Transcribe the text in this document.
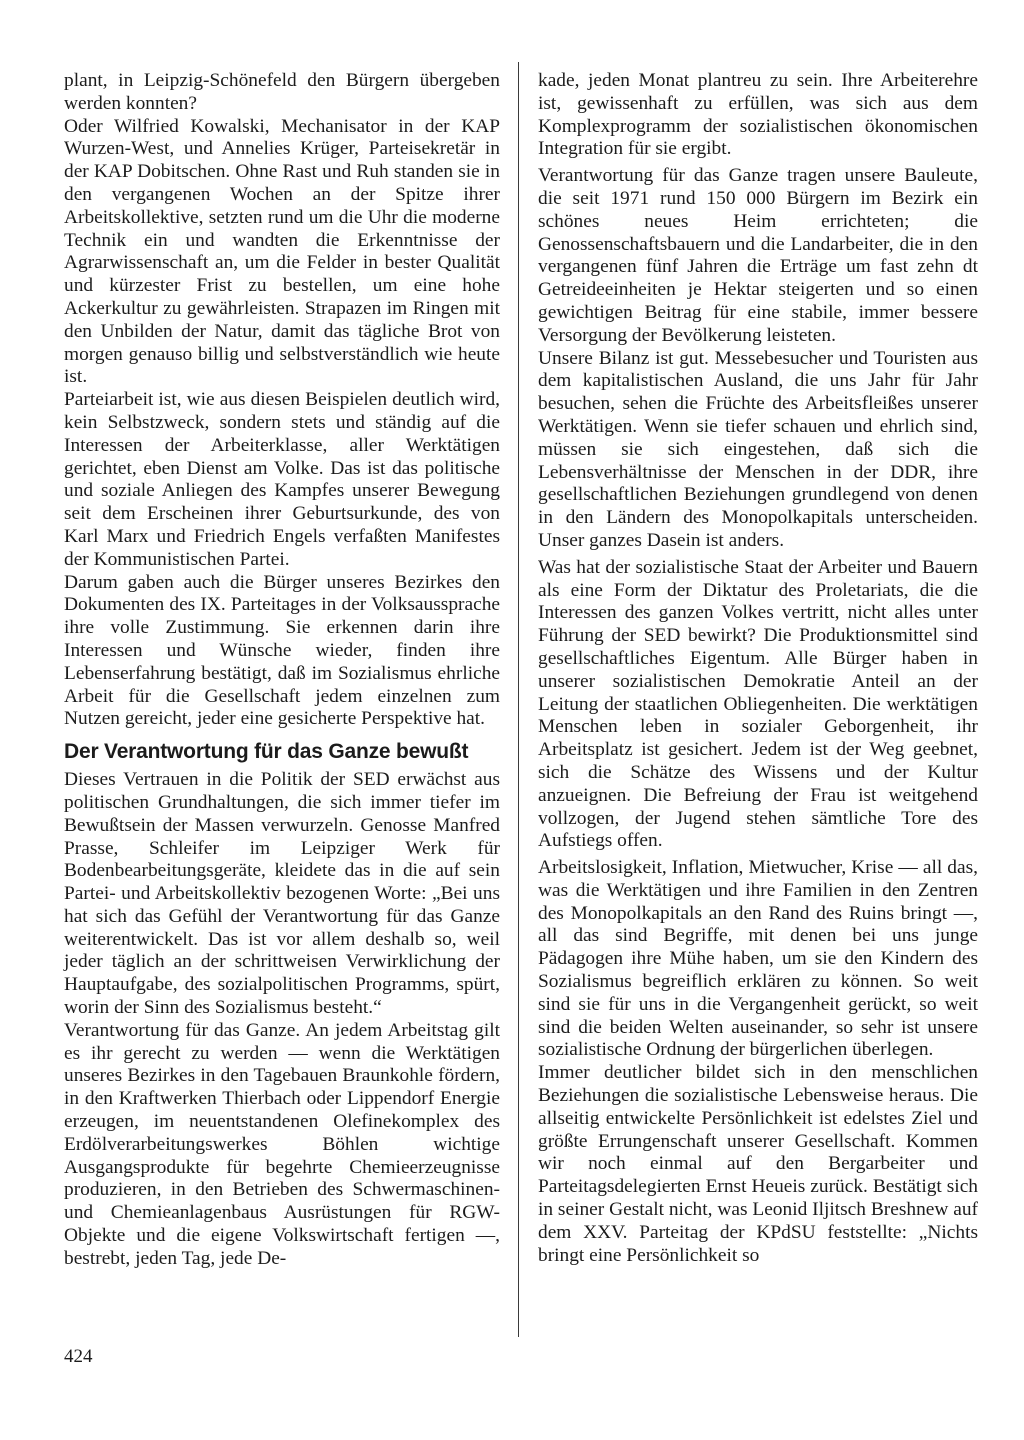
plant, in Leipzig-Schönefeld den Bürgern übergeben werden konnten?

Oder Wilfried Kowalski, Mechanisator in der KAP Wurzen-West, und Annelies Krüger, Parteisekretär in der KAP Dobitschen. Ohne Rast und Ruh standen sie in den vergangenen Wochen an der Spitze ihrer Arbeitskollektive, setzten rund um die Uhr die moderne Technik ein und wandten die Erkenntnisse der Agrarwissenschaft an, um die Felder in bester Qualität und kürzester Frist zu bestellen, um eine hohe Ackerkultur zu gewährleisten. Strapazen im Ringen mit den Unbilden der Natur, damit das tägliche Brot von morgen genauso billig und selbstverständlich wie heute ist.

Parteiarbeit ist, wie aus diesen Beispielen deutlich wird, kein Selbstzweck, sondern stets und ständig auf die Interessen der Arbeiterklasse, aller Werktätigen gerichtet, eben Dienst am Volke. Das ist das politische und soziale Anliegen des Kampfes unserer Bewegung seit dem Erscheinen ihrer Geburtsurkunde, des von Karl Marx und Friedrich Engels verfaßten Manifestes der Kommunistischen Partei.

Darum gaben auch die Bürger unseres Bezirkes den Dokumenten des IX. Parteitages in der Volksaussprache ihre volle Zustimmung. Sie erkennen darin ihre Interessen und Wünsche wieder, finden ihre Lebenserfahrung bestätigt, daß im Sozialismus ehrliche Arbeit für die Gesellschaft jedem einzelnen zum Nutzen gereicht, jeder eine gesicherte Perspektive hat.

Der Verantwortung für das Ganze bewußt

Dieses Vertrauen in die Politik der SED erwächst aus politischen Grundhaltungen, die sich immer tiefer im Bewußtsein der Massen verwurzeln. Genosse Manfred Prasse, Schleifer im Leipziger Werk für Bodenbearbeitungsgeräte, kleidete das in die auf sein Partei- und Arbeitskollektiv bezogenen Worte: „Bei uns hat sich das Gefühl der Verantwortung für das Ganze weiterentwickelt. Das ist vor allem deshalb so, weil jeder täglich an der schrittweisen Verwirklichung der Hauptaufgabe, des sozialpolitischen Programms, spürt, worin der Sinn des Sozialismus besteht.“

Verantwortung für das Ganze. An jedem Arbeitstag gilt es ihr gerecht zu werden — wenn die Werktätigen unseres Bezirkes in den Tagebauen Braunkohle fördern, in den Kraftwerken Thierbach oder Lippendorf Energie erzeugen, im neuentstandenen Olefinekomplex des Erdölverarbeitungswerkes Böhlen wichtige Ausgangsprodukte für begehrte Chemieerzeugnisse produzieren, in den Betrieben des Schwermaschinen- und Chemieanlagenbaus Ausrüstungen für RGW-Objekte und die eigene Volkswirtschaft fertigen —, bestrebt, jeden Tag, jede De-

kade, jeden Monat plantreu zu sein. Ihre Arbeiterehre ist, gewissenhaft zu erfüllen, was sich aus dem Komplexprogramm der sozialistischen ökonomischen Integration für sie ergibt.

Verantwortung für das Ganze tragen unsere Bauleute, die seit 1971 rund 150 000 Bürgern im Bezirk ein schönes neues Heim errichteten; die Genossenschaftsbauern und die Landarbeiter, die in den vergangenen fünf Jahren die Erträge um fast zehn dt Getreideeinheiten je Hektar steigerten und so einen gewichtigen Beitrag für eine stabile, immer bessere Versorgung der Bevölkerung leisteten.

Unsere Bilanz ist gut. Messebesucher und Touristen aus dem kapitalistischen Ausland, die uns Jahr für Jahr besuchen, sehen die Früchte des Arbeitsfleißes unserer Werktätigen. Wenn sie tiefer schauen und ehrlich sind, müssen sie sich eingestehen, daß sich die Lebensverhältnisse der Menschen in der DDR, ihre gesellschaftlichen Beziehungen grundlegend von denen in den Ländern des Monopolkapitals unterscheiden. Unser ganzes Dasein ist anders.

Was hat der sozialistische Staat der Arbeiter und Bauern als eine Form der Diktatur des Proletariats, die die Interessen des ganzen Volkes vertritt, nicht alles unter Führung der SED bewirkt? Die Produktionsmittel sind gesellschaftliches Eigentum. Alle Bürger haben in unserer sozialistischen Demokratie Anteil an der Leitung der staatlichen Obliegenheiten. Die werktätigen Menschen leben in sozialer Geborgenheit, ihr Arbeitsplatz ist gesichert. Jedem ist der Weg geebnet, sich die Schätze des Wissens und der Kultur anzueignen. Die Befreiung der Frau ist weitgehend vollzogen, der Jugend stehen sämtliche Tore des Aufstiegs offen.

Arbeitslosigkeit, Inflation, Mietwucher, Krise — all das, was die Werktätigen und ihre Familien in den Zentren des Monopolkapitals an den Rand des Ruins bringt —, all das sind Begriffe, mit denen bei uns junge Pädagogen ihre Mühe haben, um sie den Kindern des Sozialismus begreiflich erklären zu können. So weit sind sie für uns in die Vergangenheit gerückt, so weit sind die beiden Welten auseinander, so sehr ist unsere sozialistische Ordnung der bürgerlichen überlegen.

Immer deutlicher bildet sich in den menschlichen Beziehungen die sozialistische Lebensweise heraus. Die allseitig entwickelte Persönlichkeit ist edelstes Ziel und größte Errungenschaft unserer Gesellschaft. Kommen wir noch einmal auf den Bergarbeiter und Parteitagsdelegierten Ernst Heueis zurück. Bestätigt sich in seiner Gestalt nicht, was Leonid Iljitsch Breshnew auf dem XXV. Parteitag der KPdSU feststellte: „Nichts bringt eine Persönlichkeit so

424
